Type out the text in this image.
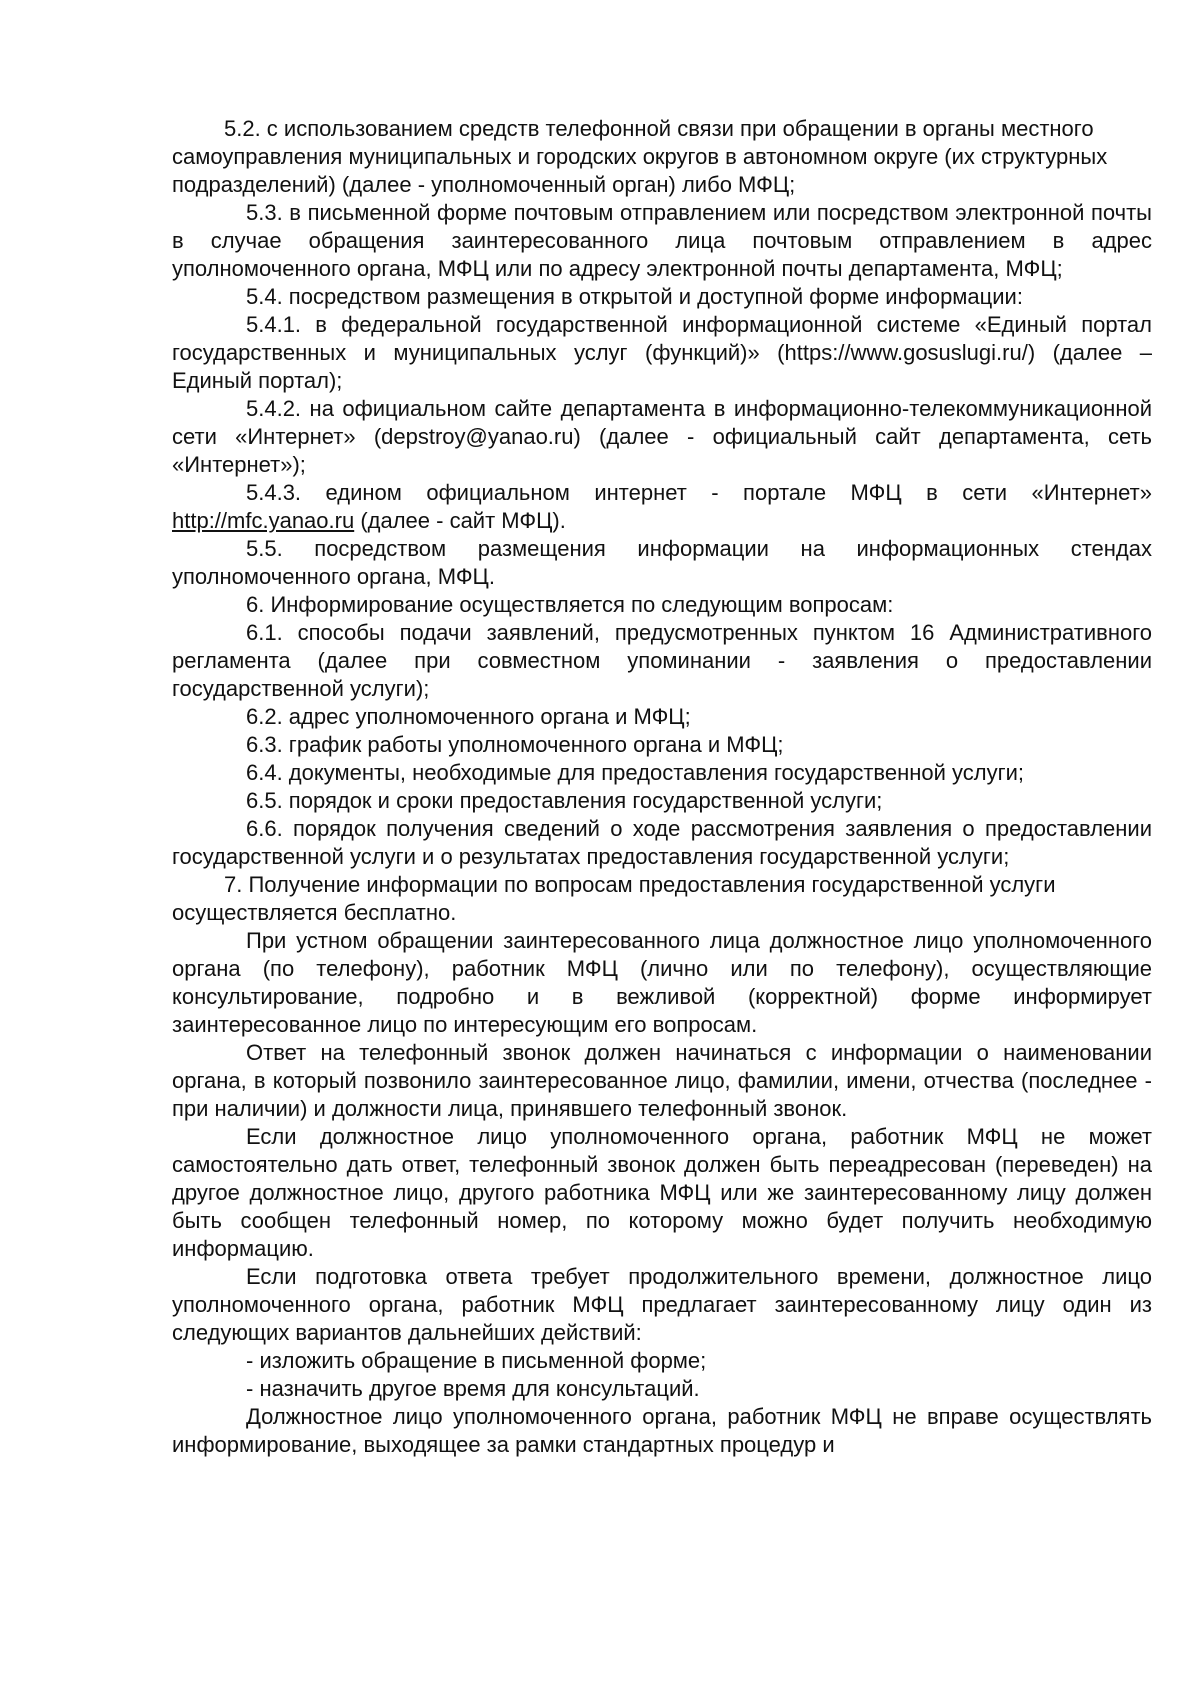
5.2. с использованием средств телефонной связи при обращении в органы местного самоуправления муниципальных и городских округов в автономном округе (их структурных подразделений) (далее - уполномоченный орган) либо МФЦ;

5.3. в письменной форме почтовым отправлением или посредством электронной почты в случае обращения заинтересованного лица почтовым отправлением в адрес уполномоченного органа, МФЦ или по адресу электронной почты департамента, МФЦ;

5.4. посредством размещения в открытой и доступной форме информации:

5.4.1. в федеральной государственной информационной системе «Единый портал государственных и муниципальных услуг (функций)» (https://www.gosuslugi.ru/) (далее – Единый портал);

5.4.2. на официальном сайте департамента в информационно-телекоммуникационной сети «Интернет» (depstroy@yanao.ru) (далее - официальный сайт департамента, сеть «Интернет»);

5.4.3. едином официальном интернет - портале МФЦ в сети «Интернет» http://mfc.yanao.ru (далее - сайт МФЦ).

5.5. посредством размещения информации на информационных стендах уполномоченного органа, МФЦ.

6. Информирование осуществляется по следующим вопросам:

6.1. способы подачи заявлений, предусмотренных пунктом 16 Административного регламента (далее при совместном упоминании - заявления о предоставлении государственной услуги);

6.2. адрес уполномоченного органа и МФЦ;

6.3. график работы уполномоченного органа и МФЦ;

6.4. документы, необходимые для предоставления государственной услуги;

6.5. порядок и сроки предоставления государственной услуги;

6.6. порядок получения сведений о ходе рассмотрения заявления о предоставлении государственной услуги и о результатах предоставления государственной услуги;

7. Получение информации по вопросам предоставления государственной услуги осуществляется бесплатно.

При устном обращении заинтересованного лица должностное лицо уполномоченного органа (по телефону), работник МФЦ (лично или по телефону), осуществляющие консультирование, подробно и в вежливой (корректной) форме информирует заинтересованное лицо по интересующим его вопросам.

Ответ на телефонный звонок должен начинаться с информации о наименовании органа, в который позвонило заинтересованное лицо, фамилии, имени, отчества (последнее - при наличии) и должности лица, принявшего телефонный звонок.

Если должностное лицо уполномоченного органа, работник МФЦ не может самостоятельно дать ответ, телефонный звонок должен быть переадресован (переведен) на другое должностное лицо, другого работника МФЦ или же заинтересованному лицу должен быть сообщен телефонный номер, по которому можно будет получить необходимую информацию.

Если подготовка ответа требует продолжительного времени, должностное лицо уполномоченного органа, работник МФЦ предлагает заинтересованному лицу один из следующих вариантов дальнейших действий:

- изложить обращение в письменной форме;

- назначить другое время для консультаций.

Должностное лицо уполномоченного органа, работник МФЦ не вправе осуществлять информирование, выходящее за рамки стандартных процедур и
